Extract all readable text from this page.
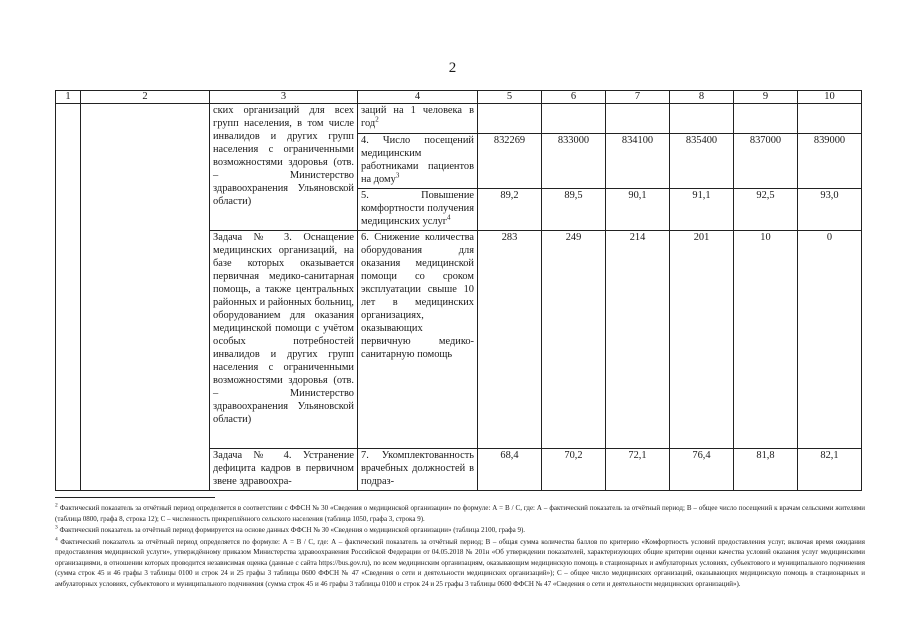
2
1	2	3	4	5	6	7	8	9	10
		ских организаций для всех групп населения, в том числе инвалидов и других групп населения с ограниченными возможностями здоровья (отв. – Министерство здравоохранения Ульяновской области)	заций на 1 человека в год$^2$						
			4. Число посещений медицинским работниками пациентов на дому$^3$	832269	833000	834100	835400	837000	839000
			5. Повышение комфортности получения медицинских услуг$^4$	89,2	89,5	90,1	91,1	92,5	93,0
		Задача № 3. Оснащение медицинских организаций, на базе которых оказывается первичная медико-санитарная помощь, а также центральных районных и районных больниц, оборудованием для оказания медицинской помощи с учётом особых потребностей инвалидов и других групп населения с ограниченными возможностями здоровья (отв. – Министерство здравоохранения Ульяновской области)	6. Снижение количества оборудования для оказания медицинской помощи со сроком эксплуатации свыше 10 лет в медицинских организациях, оказывающих первичную медико-санитарную помощь	283	249	214	201	10	0
		Задача № 4. Устранение дефицита кадров в первичном звене здравоохра-	7. Укомплектованность врачебных должностей в подраз-	68,4	70,2	72,1	76,4	81,8	82,1

$^2$ Фактический показатель за отчётный период определяется в соответствии с ФФСН № 30 «Сведения о медицинской организации» по формуле: А = В / С, где: А – фактический показатель за отчётный период; В – общее число посещений к врачам сельскими жителями (таблица 0800, графа 8, строка 12); С – численность прикреплённого сельского населения (таблица 1050, графа 3, строка 9).

$^3$ Фактический показатель за отчётный период формируется на основе данных ФФСН № 30 «Сведения о медицинской организации» (таблица 2100, графа 9).

$^4$ Фактический показатель за отчётный период определяется по формуле: А = В / С, где: А – фактический показатель за отчётный период; В – общая сумма количества баллов по критерию «Комфортность условий предоставления услуг, включая время ожидания предоставления медицинской услуги», утверждённому приказом Министерства здравоохранения Российской Федерации от 04.05.2018 № 201н «Об утверждении показателей, характеризующих общие критерии оценки качества условий оказания услуг медицинскими организациями, в отношении которых проводится независимая оценка (данные с сайта https://bus.gov.ru), по всем медицинским организациям, оказывающим медицинскую помощь в стационарных и амбулаторных условиях, субъектового и муниципального подчинения (сумма строк 45 и 46 графы 3 таблицы 0100 и строк 24 и 25 графы 3 таблицы 0600 ФФСН № 47 «Сведения о сети и деятельности медицинских организаций»); С – общее число медицинских организаций, оказывающих медицинскую помощь в стационарных и амбулаторных условиях, субъектового и муниципального подчинения (сумма строк 45 и 46 графы 3 таблицы 0100 и строк 24 и 25 графы 3 таблицы 0600 ФФСН № 47 «Сведения о сети и деятельности медицинских организаций»).
